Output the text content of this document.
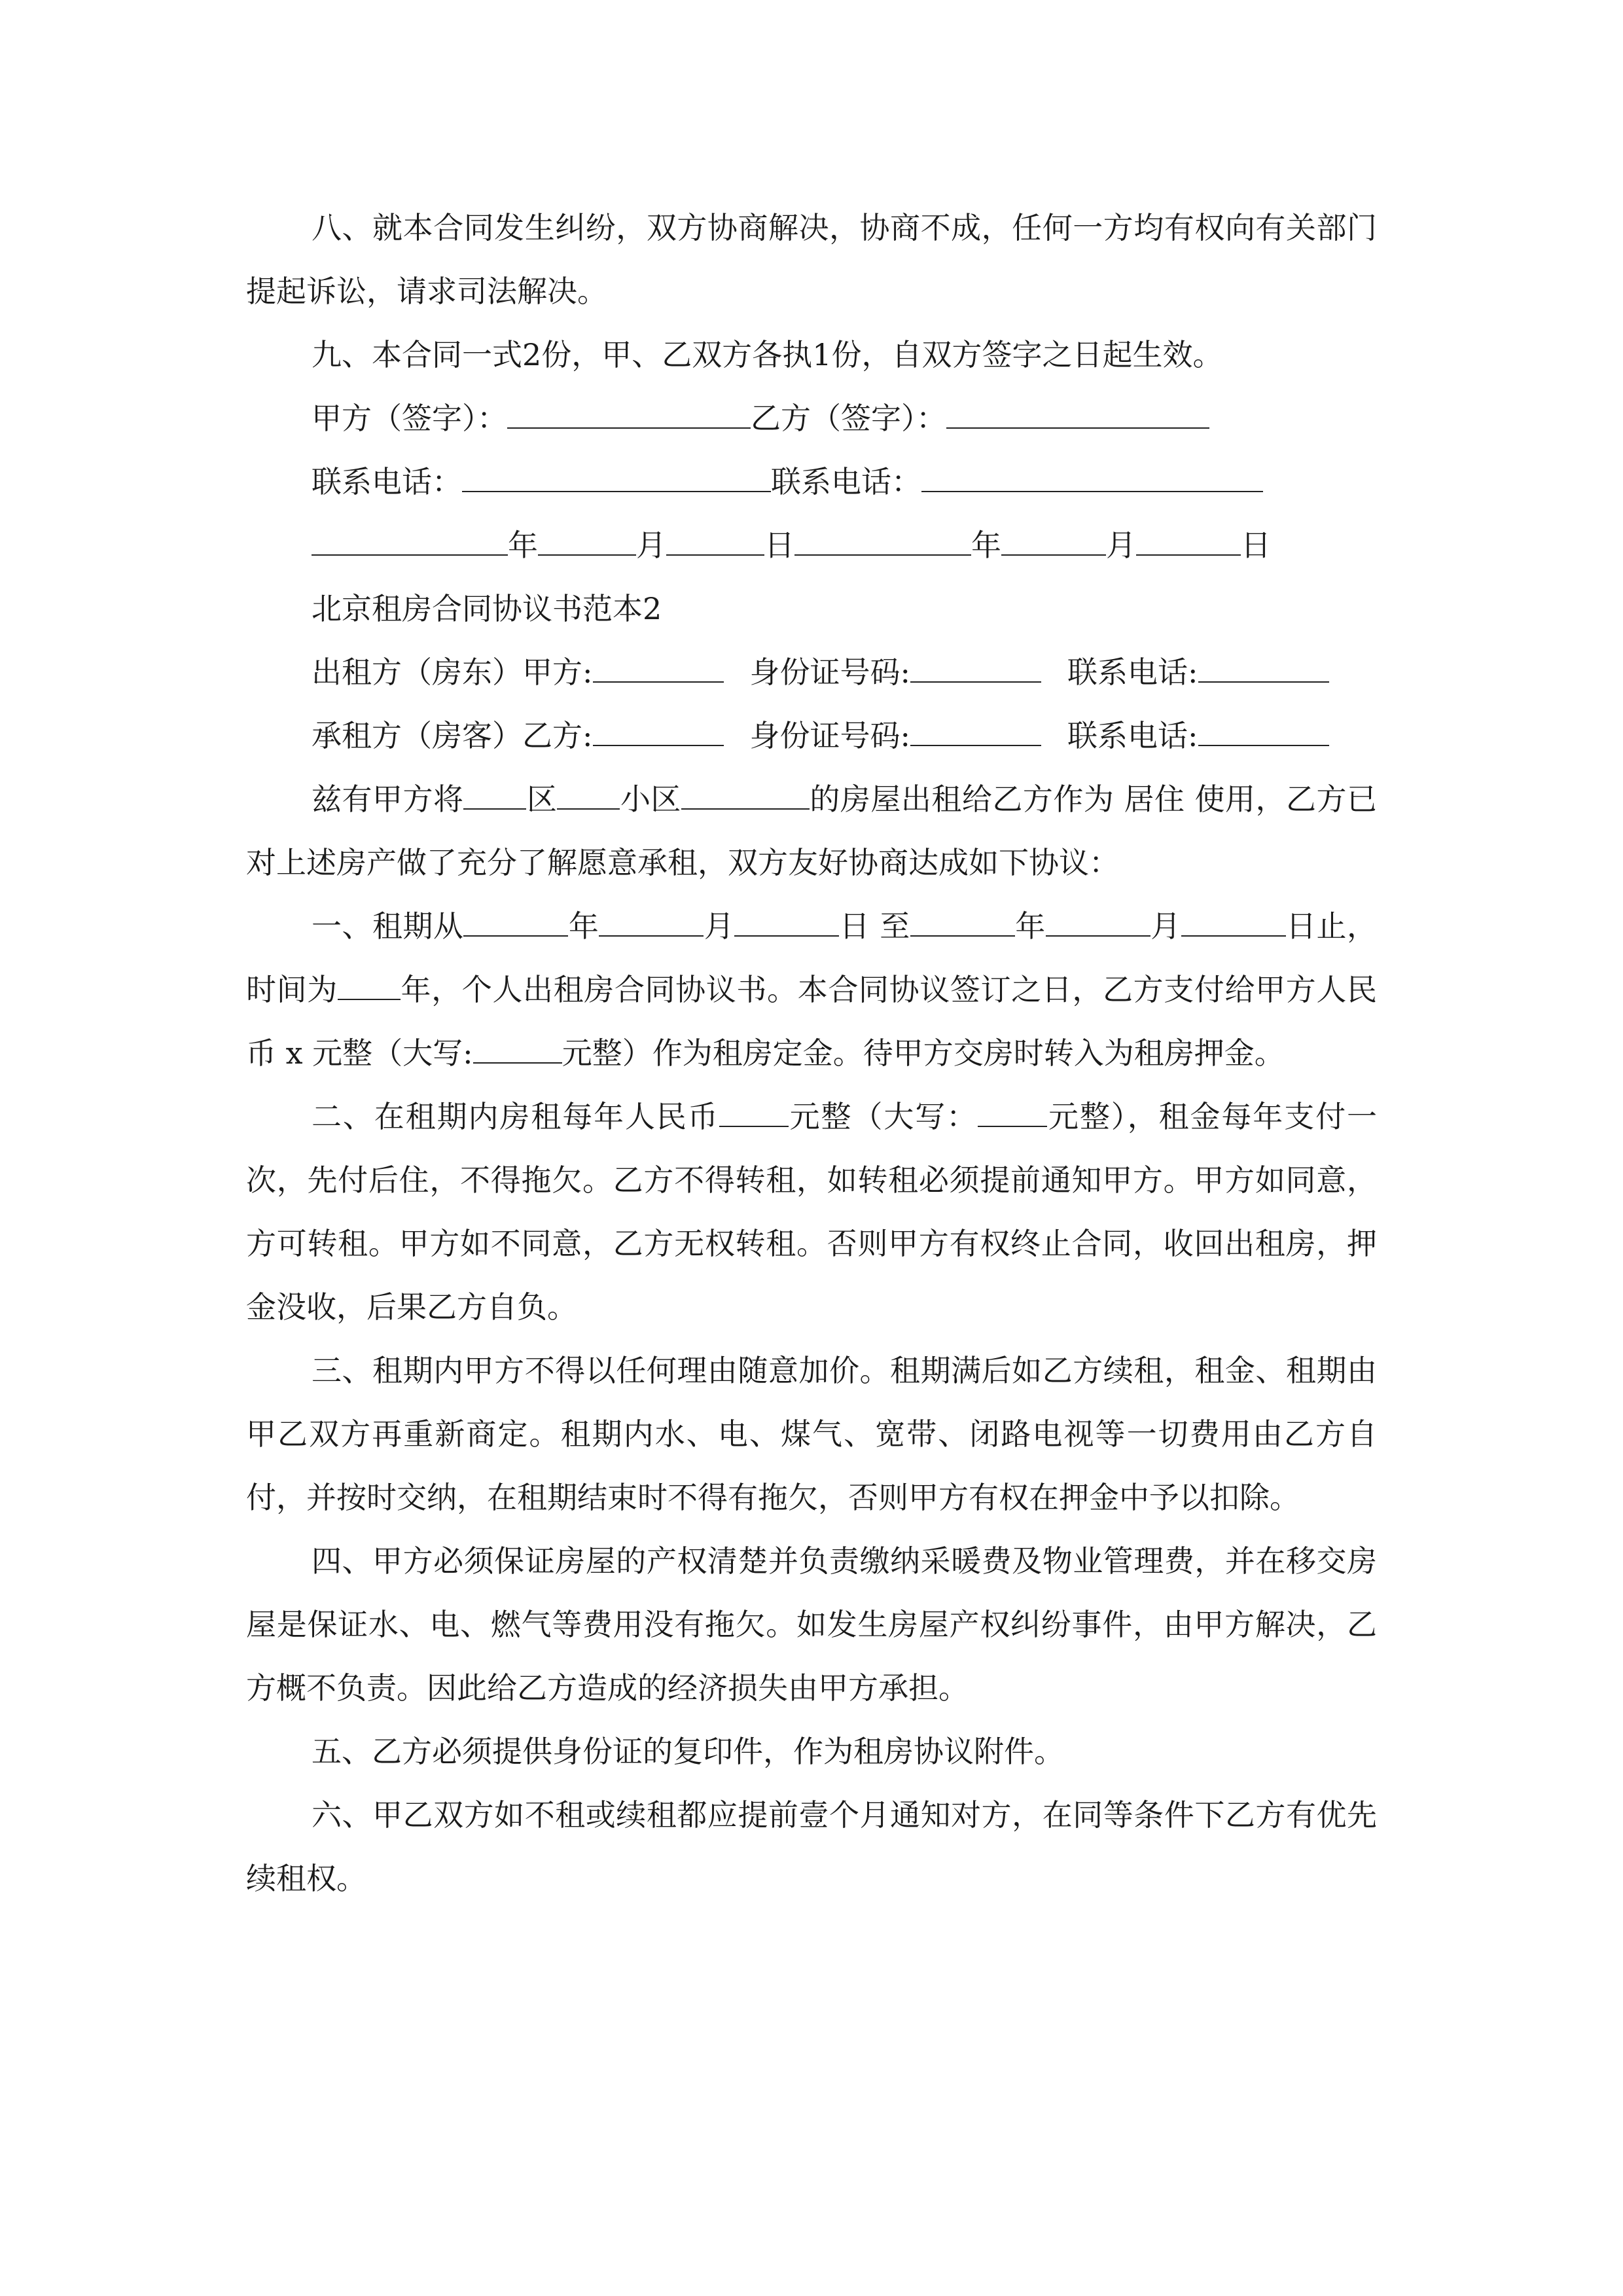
八、就本合同发生纠纷，双方协商解决，协商不成，任何一方均有权向有关部门提起诉讼，请求司法解决。

九、本合同一式2份，甲、乙双方各执1份，自双方签字之日起生效。

甲方（签字）：	乙方（签字）：
联系电话：	联系电话：
年	月	日	年	月	日

北京租房合同协议书范本2

出租方（房东）甲方:	身份证号码:	联系电话:
承租方（房客）乙方:	身份证号码:	联系电话:

兹有甲方将 区 小区	的房屋出租给乙方作为 居住 使用，乙方已对上述房产做了充分了解愿意承租，双方友好协商达成如下协议：

一、租期从	年	月	日 至	年	月	日止，时间为 年，个人出租房合同协议书。本合同协议签订之日，乙方支付给甲方人民币 x 元整（大写:	元整）作为租房定金。待甲方交房时转入为租房押金。

二、在租期内房租每年人民币 元整（大写： 元整），租金每年支付一次，先付后住，不得拖欠。乙方不得转租，如转租必须提前通知甲方。甲方如同意，方可转租。甲方如不同意，乙方无权转租。否则甲方有权终止合同，收回出租房，押金没收，后果乙方自负。

三、租期内甲方不得以任何理由随意加价。租期满后如乙方续租，租金、租期由甲乙双方再重新商定。租期内水、电、煤气、宽带、闭路电视等一切费用由乙方自付，并按时交纳，在租期结束时不得有拖欠，否则甲方有权在押金中予以扣除。

四、甲方必须保证房屋的产权清楚并负责缴纳采暖费及物业管理费，并在移交房屋是保证水、电、燃气等费用没有拖欠。如发生房屋产权纠纷事件，由甲方解决，乙方概不负责。因此给乙方造成的经济损失由甲方承担。

五、乙方必须提供身份证的复印件，作为租房协议附件。

六、甲乙双方如不租或续租都应提前壹个月通知对方，在同等条件下乙方有优先续租权。
